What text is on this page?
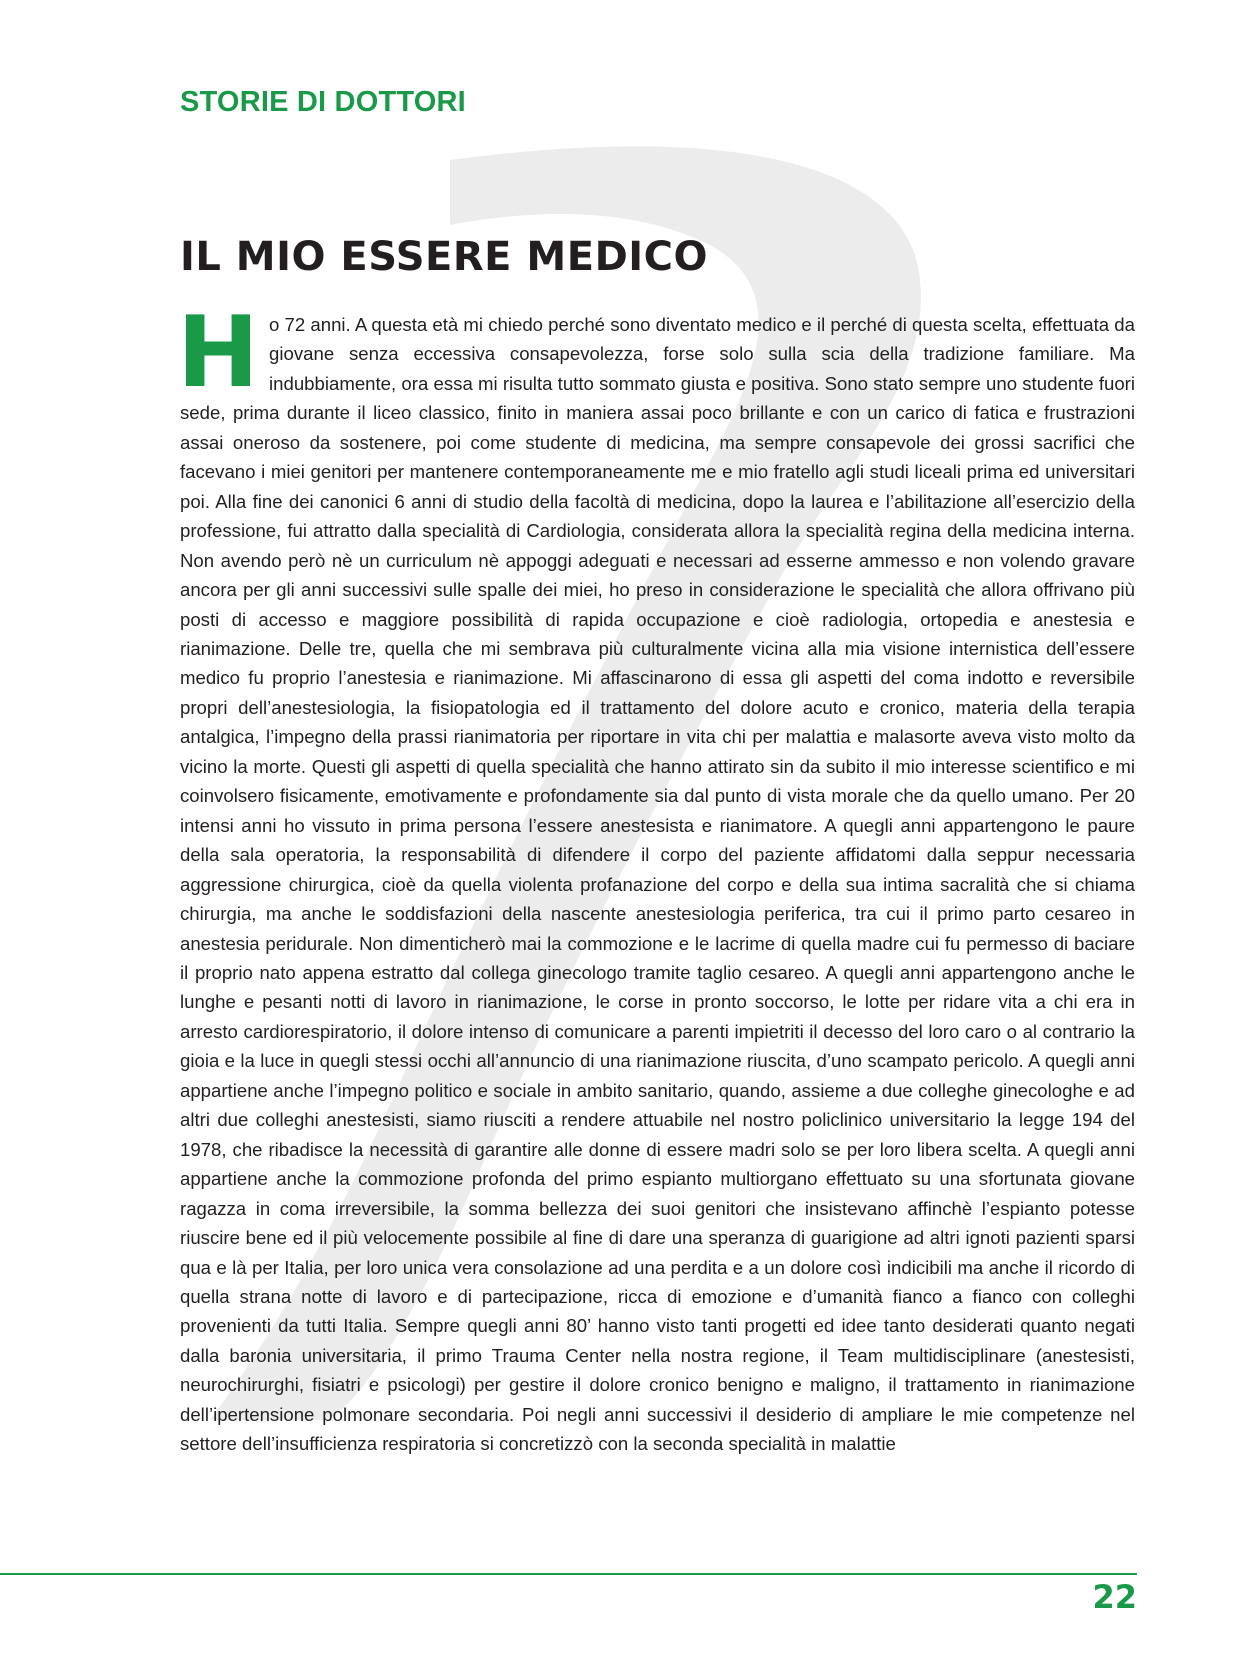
STORIE DI DOTTORI
IL MIO ESSERE MEDICO

Ho 72 anni. A questa età mi chiedo perché sono diventato medico e il perché di questa scelta, effettuata da giovane senza eccessiva consapevolezza, forse solo sulla scia della tradizione familiare. Ma indubbiamente, ora essa mi risulta tutto sommato giusta e positiva. Sono stato sempre uno studente fuori sede, prima durante il liceo classico, finito in maniera assai poco brillante e con un carico di fatica e frustrazioni assai oneroso da sostenere, poi come studente di medicina, ma sempre consapevole dei grossi sacrifici che facevano i miei genitori per mantenere contemporaneamente me e mio fratello agli studi liceali prima ed universitari poi. Alla fine dei canonici 6 anni di studio della facoltà di medicina, dopo la laurea e l’abilitazione all’esercizio della professione, fui attratto dalla specialità di Cardiologia, considerata allora la specialità regina della medicina interna. Non avendo però nè un curriculum nè appoggi adeguati e necessari ad esserne ammesso e non volendo gravare ancora per gli anni successivi sulle spalle dei miei, ho preso in considerazione le specialità che allora offrivano più posti di accesso e maggiore possibilità di rapida occupazione e cioè radiologia, ortopedia e anestesia e rianimazione. Delle tre, quella che mi sembrava più culturalmente vicina alla mia visione internistica dell’essere medico fu proprio l’anestesia e rianimazione. Mi affascinarono di essa gli aspetti del coma indotto e reversibile propri dell’anestesiologia, la fisiopatologia ed il trattamento del dolore acuto e cronico, materia della terapia antalgica, l’impegno della prassi rianimatoria per riportare in vita chi per malattia e malasorte aveva visto molto da vicino la morte. Questi gli aspetti di quella specialità che hanno attirato sin da subito il mio interesse scientifico e mi coinvolsero fisicamente, emotivamente e profondamente sia dal punto di vista morale che da quello umano. Per 20 intensi anni ho vissuto in prima persona l’essere anestesista e rianimatore. A quegli anni appartengono le paure della sala operatoria, la responsabilità di difendere il corpo del paziente affidatomi dalla seppur necessaria aggressione chirurgica, cioè da quella violenta profanazione del corpo e della sua intima sacralità che si chiama chirurgia, ma anche le soddisfazioni della nascente anestesiologia periferica, tra cui il primo parto cesareo in anestesia peridurale. Non dimenticherò mai la commozione e le lacrime di quella madre cui fu permesso di baciare il proprio nato appena estratto dal collega ginecologo tramite taglio cesareo. A quegli anni appartengono anche le lunghe e pesanti notti di lavoro in rianimazione, le corse in pronto soccorso, le lotte per ridare vita a chi era in arresto cardiorespiratorio, il dolore intenso di comunicare a parenti impietriti il decesso del loro caro o al contrario la gioia e la luce in quegli stessi occhi all’annuncio di una rianimazione riuscita, d’uno scampato pericolo. A quegli anni appartiene anche l’impegno politico e sociale in ambito sanitario, quando, assieme a due colleghe ginecologhe e ad altri due colleghi anestesisti, siamo riusciti a rendere attuabile nel nostro policlinico universitario la legge 194 del 1978, che ribadisce la necessità di garantire alle donne di essere madri solo se per loro libera scelta. A quegli anni appartiene anche la commozione profonda del primo espianto multiorgano effettuato su una sfortunata giovane ragazza in coma irreversibile, la somma bellezza dei suoi genitori che insistevano affinchè l’espianto potesse riuscire bene ed il più velocemente possibile al fine di dare una speranza di guarigione ad altri ignoti pazienti sparsi qua e là per Italia, per loro unica vera consolazione ad una perdita e a un dolore così indicibili ma anche il ricordo di quella strana notte di lavoro e di partecipazione, ricca di emozione e d’umanità fianco a fianco con colleghi provenienti da tutti Italia. Sempre quegli anni 80’ hanno visto tanti progetti ed idee tanto desiderati quanto negati dalla baronia universitaria, il primo Trauma Center nella nostra regione, il Team multidisciplinare (anestesisti, neurochirurghi, fisiatri e psicologi) per gestire il dolore cronico benigno e maligno, il trattamento in rianimazione dell’ipertensione polmonare secondaria. Poi negli anni successivi il desiderio di ampliare le mie competenze nel settore dell’insufficienza respiratoria si concretizzò con la seconda specialità in malattie

22
